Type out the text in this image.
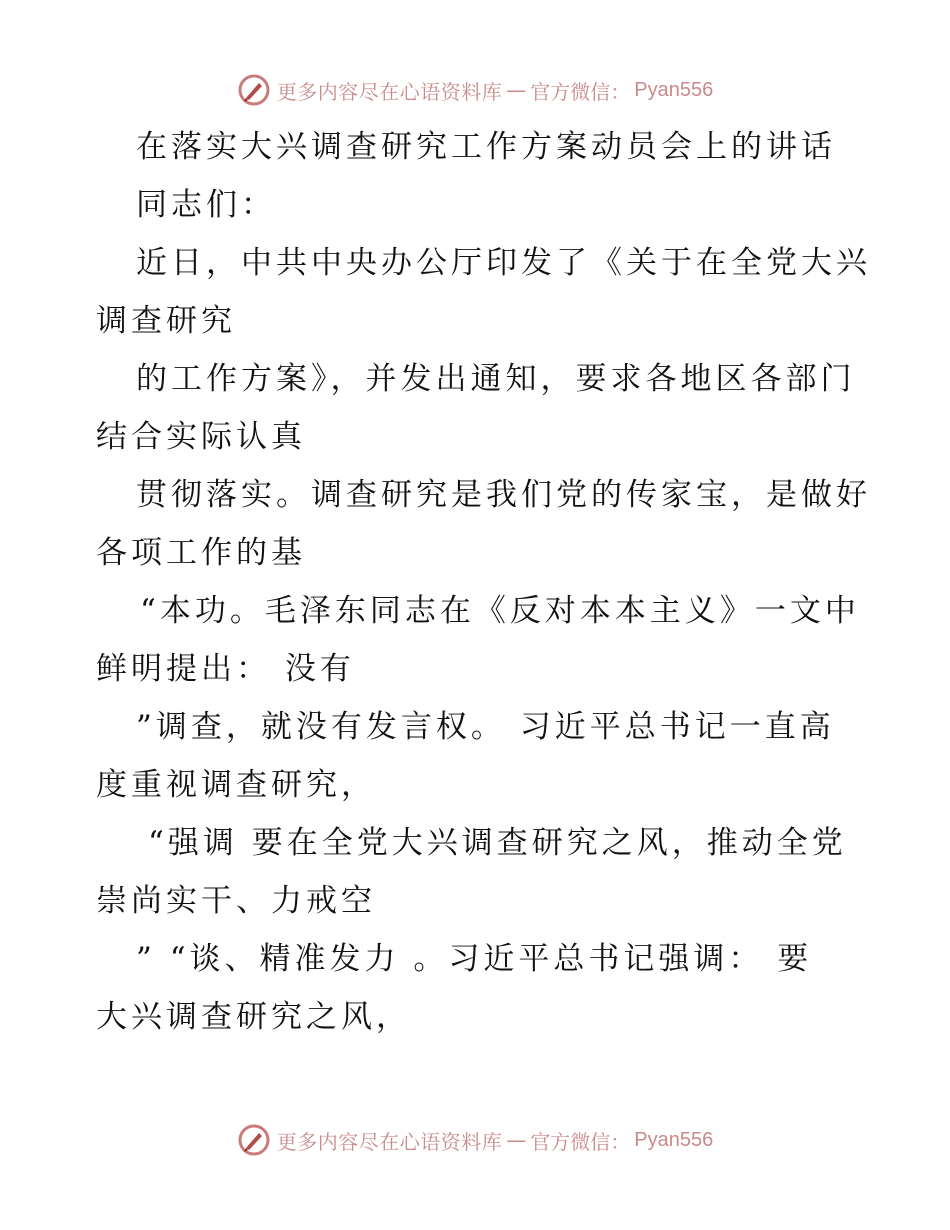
更多内容尽在心语资料库 — 官方微信： Pyan556
在落实大兴调查研究工作方案动员会上的讲话
同志们：
近日，中共中央办公厅印发了《关于在全党大兴
调查研究
的工作方案》，并发出通知，要求各地区各部门
结合实际认真
贯彻落实。调查研究是我们党的传家宝，是做好
各项工作的基
“本功。毛泽东同志在《反对本本主义》一文中
鲜明提出： 没有
”调查，就没有发言权。 习近平总书记一直高
度重视调查研究，
“强调 要在全党大兴调查研究之风，推动全党
崇尚实干、力戒空
” “谈、精准发力 。习近平总书记强调： 要
大兴调查研究之风，
更多内容尽在心语资料库 — 官方微信： Pyan556
